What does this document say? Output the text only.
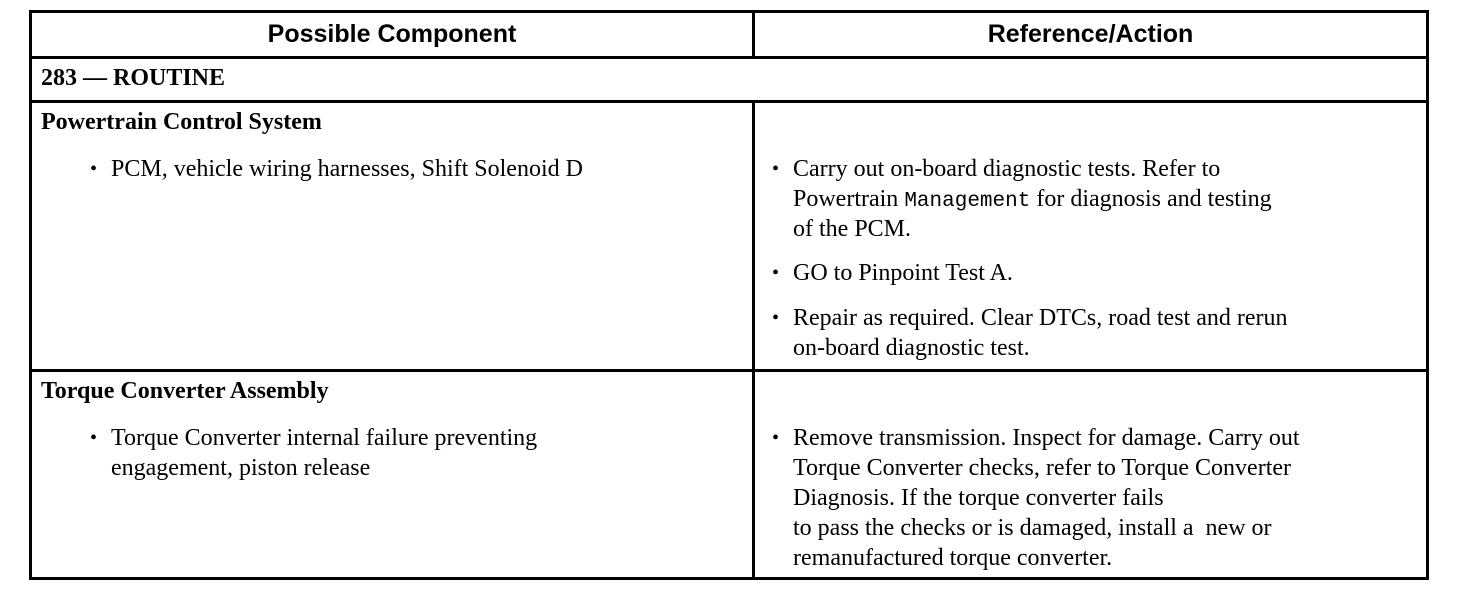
Possible Component	Reference/Action
283 — ROUTINE
Powertrain Control System
• PCM, vehicle wiring harnesses, Shift Solenoid D	• Carry out on-board diagnostic tests. Refer to
Powertrain Management for diagnosis and testing
of the PCM.
• GO to Pinpoint Test A.
• Repair as required. Clear DTCs, road test and rerun
on-board diagnostic test.
Torque Converter Assembly
• Torque Converter internal failure preventing
engagement, piston release
• Remove transmission. Inspect for damage. Carry out
Torque Converter checks, refer to Torque Converter
Diagnosis. If the torque converter fails
to pass the checks or is damaged, install a  new or
remanufactured torque converter.
